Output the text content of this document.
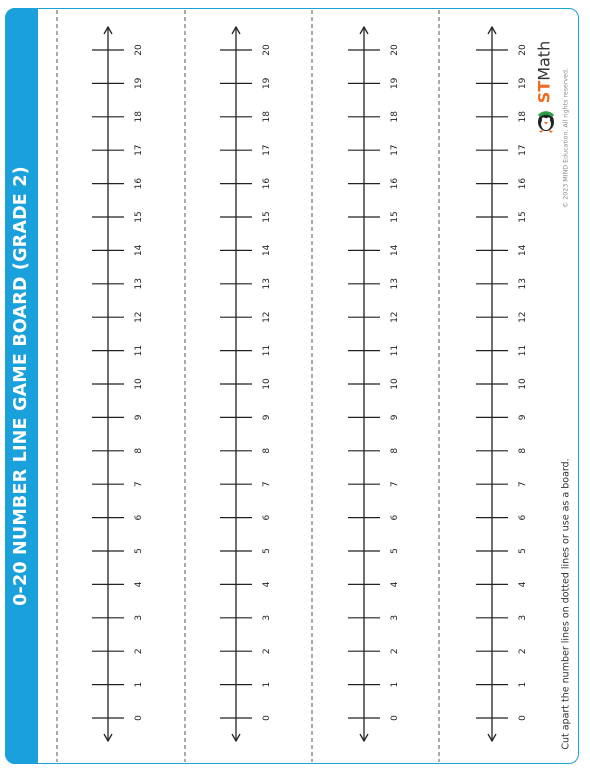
0-20 NUMBER LINE GAME BOARD (GRADE 2)
20
19
18
17
16
15
14
13
12
11
10
9
8
7
6
5
4
3
2
1
0
20
19
18
17
16
15
14
13
12
11
10
9
8
7
6
5
4
3
2
1
0
20
19
18
17
16
15
14
13
12
11
10
9
8
7
6
5
4
3
2
1
0
20
19
18
17
16
15
14
13
12
11
10
9
8
7
6
5
4
3
2
1
0	Cut apart the number lines on dotted lines or use as a board.
© 2023 MIND Education. All rights reserved.
STMath
